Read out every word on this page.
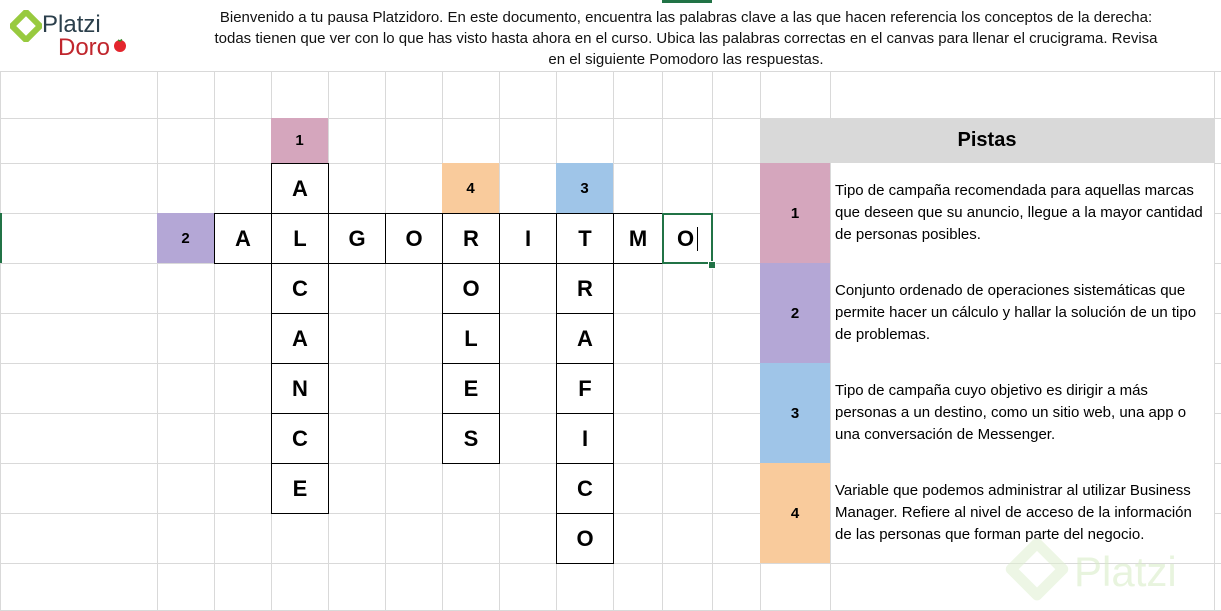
Platzi
Doro

Bienvenido a tu pausa Platzidoro. En este documento, encuentra las palabras clave a las que hacen referencia los conceptos de la derecha:
todas tienen que ver con lo que has visto hasta ahora en el curso. Ubica las palabras correctas en el canvas para llenar el crucigrama. Revisa
en el siguiente Pomodoro las respuestas.

1
4	3
2	A L G O R I T M O
A
C
A
N
C
E
O
L
E
S
R
A
F
I
C
O
Pistas
1
Tipo de campaña recomendada para aquellas marcas que deseen que su anuncio, llegue a la mayor cantidad de personas posibles.
2
Conjunto ordenado de operaciones sistemáticas que permite hacer un cálculo y hallar la solución de un tipo de problemas.
3
Tipo de campaña cuyo objetivo es dirigir a más personas a un destino, como un sitio web, una app o una conversación de Messenger.
4
Variable que podemos administrar al utilizar Business Manager. Refiere al nivel de acceso de la información de las personas que forman parte del negocio.
Platzi
